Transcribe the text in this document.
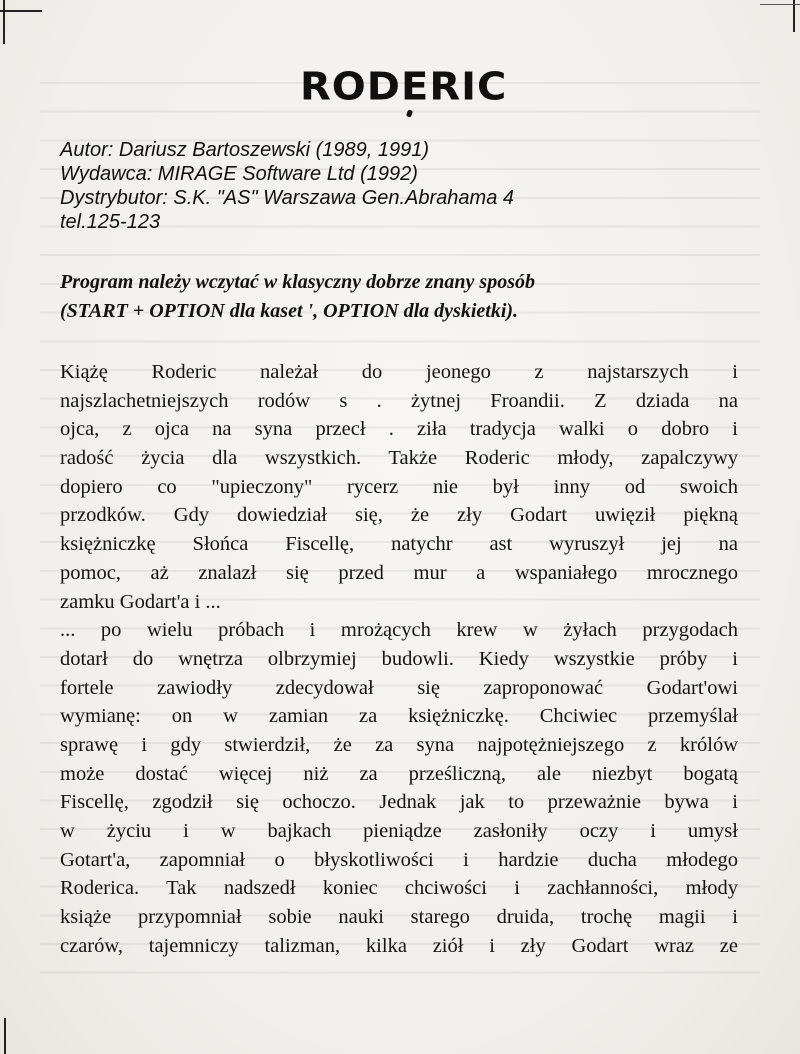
RODERIC
Autor: Dariusz Bartoszewski (1989, 1991)
Wydawca: MIRAGE Software Ltd (1992)
Dystrybutor: S.K. "AS" Warszawa Gen.Abrahama 4
tel.125-123
Program należy wczytać w klasyczny dobrze znany sposób
(START + OPTION dla kaset ', OPTION dla dyskietki).
Kiążę Roderic należał do jeonego z najstarszych i
najszlachetniejszych rodów s . żytnej Froandii. Z dziada na
ojca, z ojca na syna przecł . ziła tradycja walki o dobro i
radość życia dla wszystkich. Także Roderic młody, zapalczywy
dopiero co "upieczony" rycerz nie był inny od swoich
przodków. Gdy dowiedział się, że zły Godart uwięził piękną
księżniczkę Słońca Fiscellę, natychr ast wyruszył jej na
pomoc, aż znalazł się przed mur a wspaniałego mrocznego
zamku Godart'a i ...
... po wielu próbach i mrożących krew w żyłach przygodach
dotarł do wnętrza olbrzymiej budowli. Kiedy wszystkie próby i
fortele zawiodły zdecydował się zaproponować Godart'owi
wymianę: on w zamian za księżniczkę. Chciwiec przemyślał
sprawę i gdy stwierdził, że za syna najpotężniejszego z królów
może dostać więcej niż za prześliczną, ale niezbyt bogatą
Fiscellę, zgodził się ochoczo. Jednak jak to przeważnie bywa i
w życiu i w bajkach pieniądze zasłoniły oczy i umysł
Gotart'a, zapomniał o błyskotliwości i hardzie ducha młodego
Roderica. Tak nadszedł koniec chciwości i zachłanności, młody
książe przypomniał sobie nauki starego druida, trochę magii i
czarów, tajemniczy talizman, kilka ziół i zły Godart wraz ze
